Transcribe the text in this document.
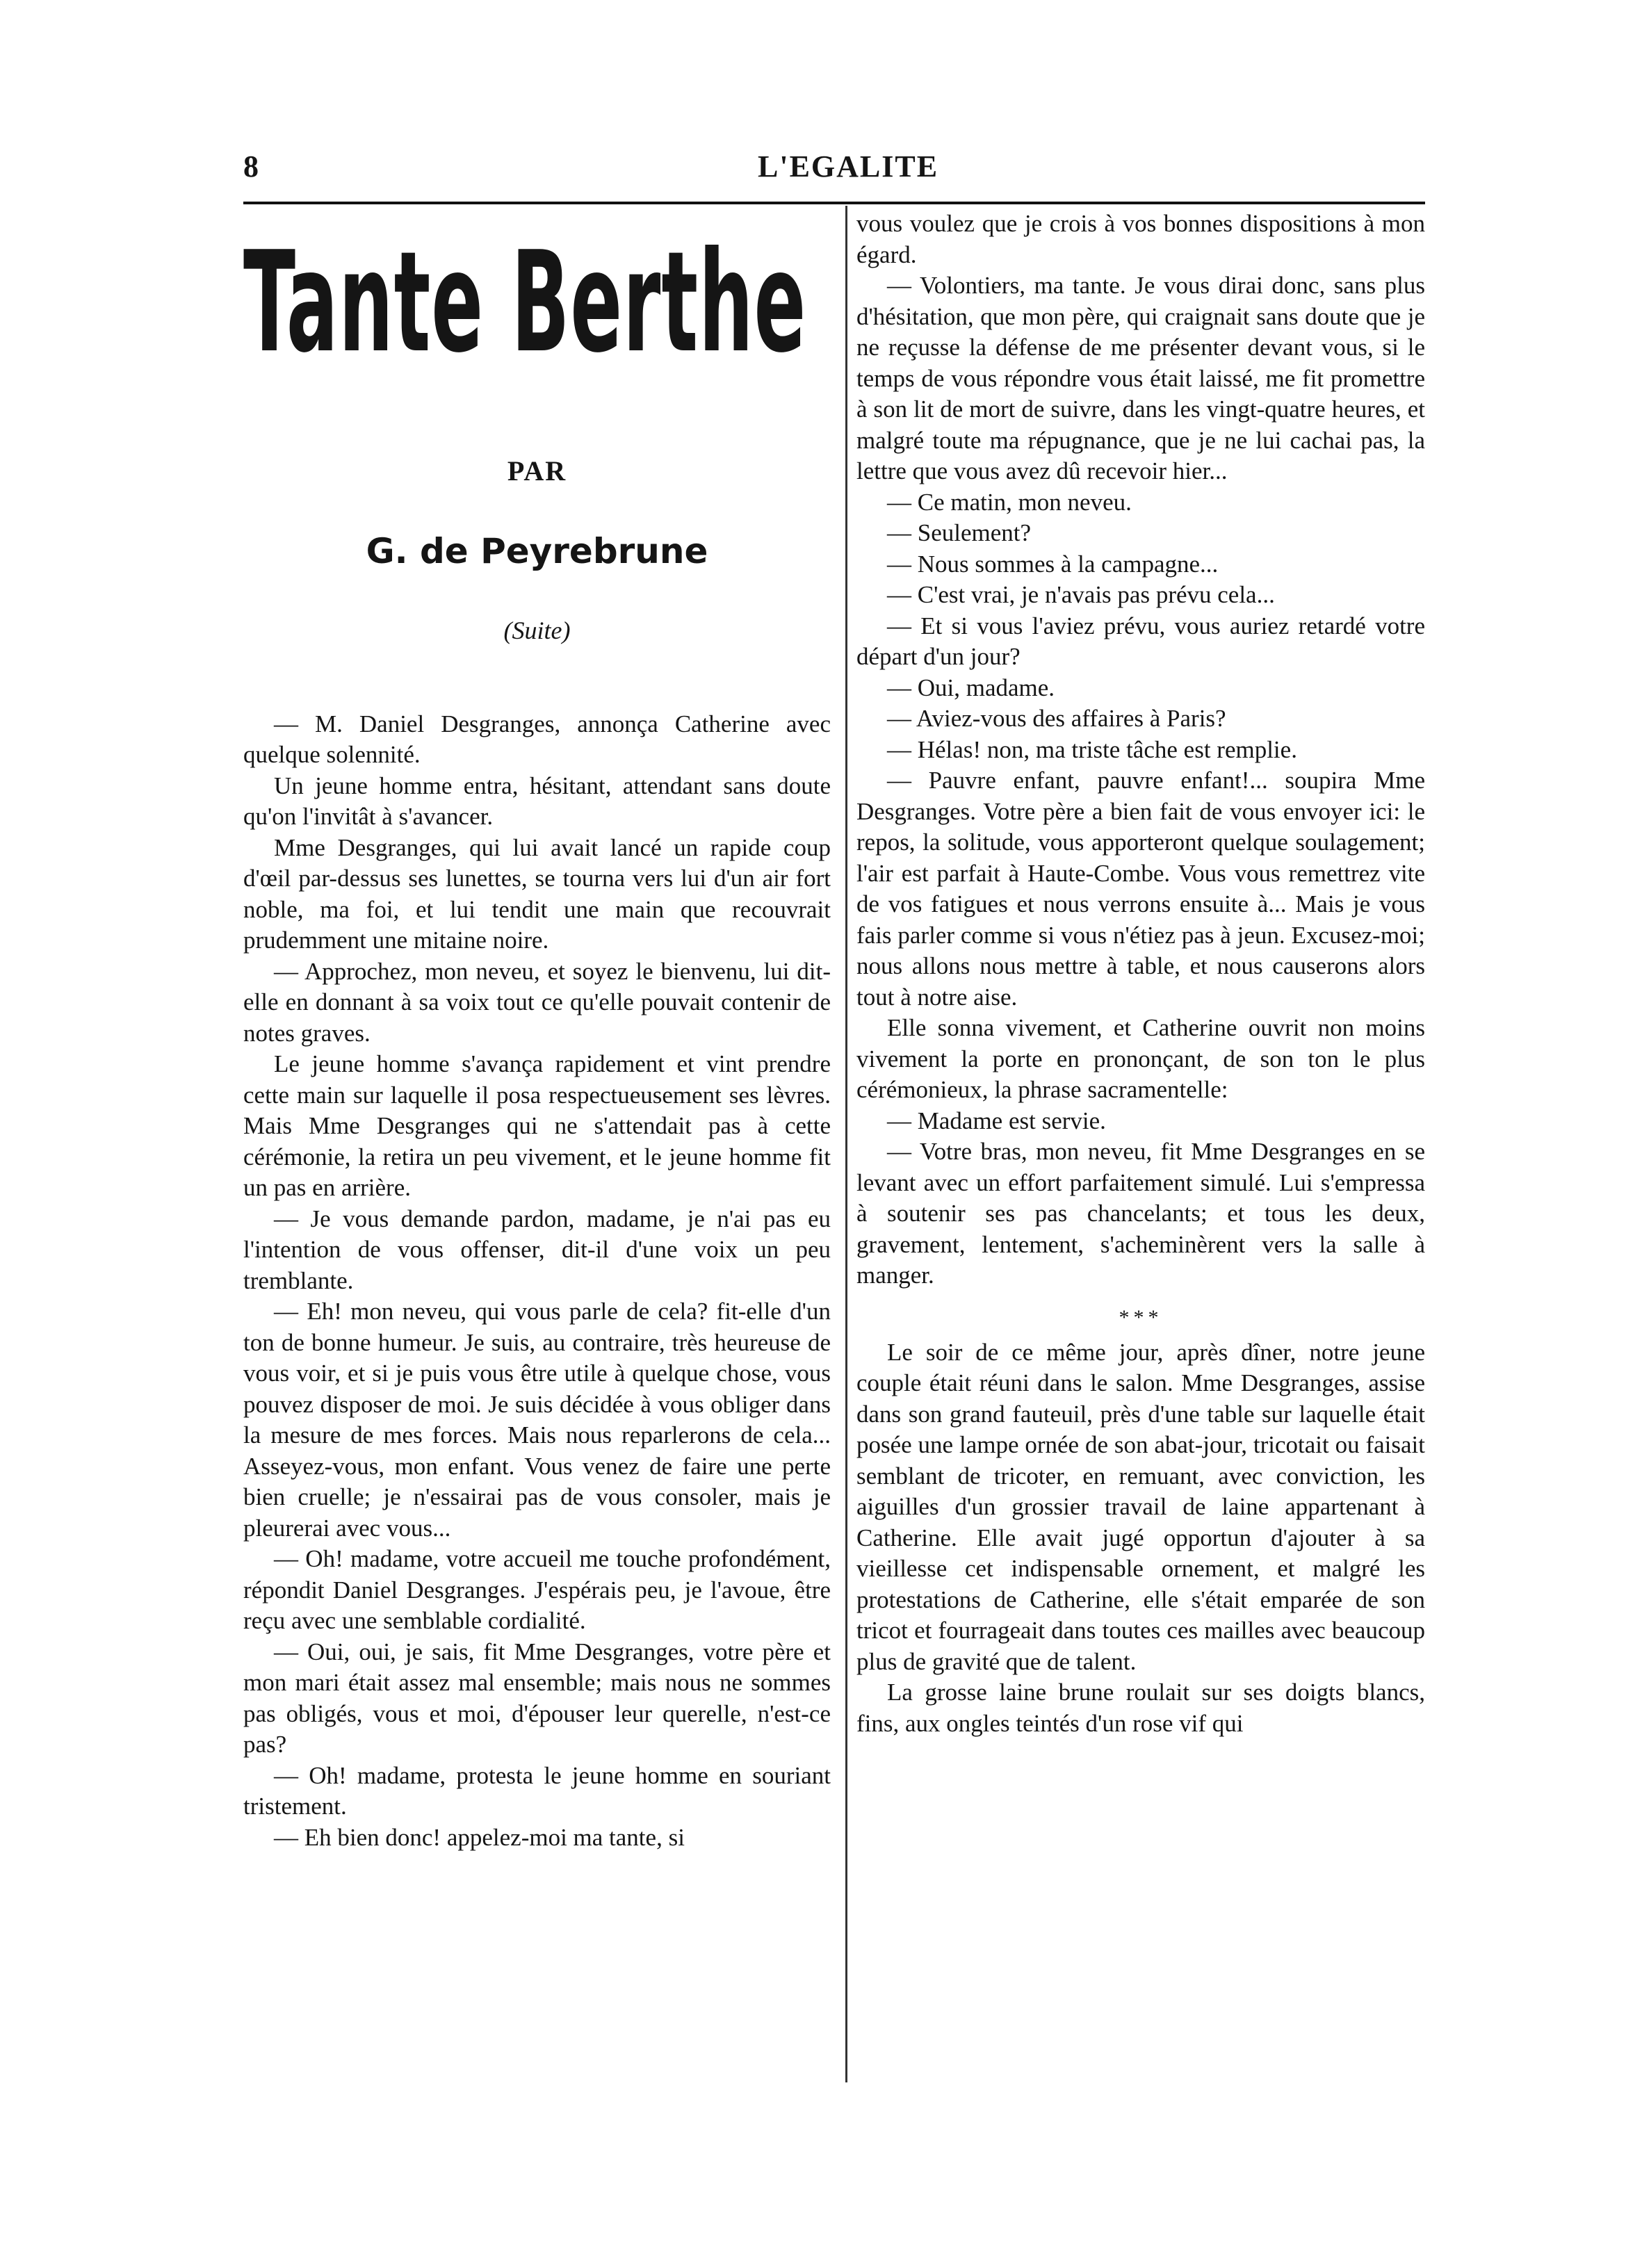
8	L'EGALITE
Tante Berthe
PAR
G. de Peyrebrune
(Suite)

— M. Daniel Desgranges, annonça Catherine avec quelque solennité.

Un jeune homme entra, hésitant, attendant sans doute qu'on l'invitât à s'avancer.

Mme Desgranges, qui lui avait lancé un rapide coup d'œil par-dessus ses lunettes, se tourna vers lui d'un air fort noble, ma foi, et lui tendit une main que recouvrait prudemment une mitaine noire.

— Approchez, mon neveu, et soyez le bienvenu, lui dit-elle en donnant à sa voix tout ce qu'elle pouvait contenir de notes graves.

Le jeune homme s'avança rapidement et vint prendre cette main sur laquelle il posa respectueusement ses lèvres. Mais Mme Desgranges qui ne s'attendait pas à cette cérémonie, la retira un peu vivement, et le jeune homme fit un pas en arrière.

— Je vous demande pardon, madame, je n'ai pas eu l'intention de vous offenser, dit-il d'une voix un peu tremblante.

— Eh! mon neveu, qui vous parle de cela? fit-elle d'un ton de bonne humeur. Je suis, au contraire, très heureuse de vous voir, et si je puis vous être utile à quelque chose, vous pouvez disposer de moi. Je suis décidée à vous obliger dans la mesure de mes forces. Mais nous reparlerons de cela... Asseyez-vous, mon enfant. Vous venez de faire une perte bien cruelle; je n'essairai pas de vous consoler, mais je pleurerai avec vous...

— Oh! madame, votre accueil me touche profondément, répondit Daniel Desgranges. J'espérais peu, je l'avoue, être reçu avec une semblable cordialité.

— Oui, oui, je sais, fit Mme Desgranges, votre père et mon mari était assez mal ensemble; mais nous ne sommes pas obligés, vous et moi, d'épouser leur querelle, n'est-ce pas?

— Oh! madame, protesta le jeune homme en souriant tristement.

— Eh bien donc! appelez-moi ma tante, si

vous voulez que je crois à vos bonnes dispositions à mon égard.

— Volontiers, ma tante. Je vous dirai donc, sans plus d'hésitation, que mon père, qui craignait sans doute que je ne reçusse la défense de me présenter devant vous, si le temps de vous répondre vous était laissé, me fit promettre à son lit de mort de suivre, dans les vingt-quatre heures, et malgré toute ma répugnance, que je ne lui cachai pas, la lettre que vous avez dû recevoir hier...

— Ce matin, mon neveu.

— Seulement?

— Nous sommes à la campagne...

— C'est vrai, je n'avais pas prévu cela...

— Et si vous l'aviez prévu, vous auriez retardé votre départ d'un jour?

— Oui, madame.

— Aviez-vous des affaires à Paris?

— Hélas! non, ma triste tâche est remplie.

— Pauvre enfant, pauvre enfant!... soupira Mme Desgranges. Votre père a bien fait de vous envoyer ici: le repos, la solitude, vous apporteront quelque soulagement; l'air est parfait à Haute-Combe. Vous vous remettrez vite de vos fatigues et nous verrons ensuite à... Mais je vous fais parler comme si vous n'étiez pas à jeun. Excusez-moi; nous allons nous mettre à table, et nous causerons alors tout à notre aise.

Elle sonna vivement, et Catherine ouvrit non moins vivement la porte en prononçant, de son ton le plus cérémonieux, la phrase sacramentelle:

— Madame est servie.

— Votre bras, mon neveu, fit Mme Desgranges en se levant avec un effort parfaitement simulé. Lui s'empressa à soutenir ses pas chancelants; et tous les deux, gravement, lentement, s'acheminèrent vers la salle à manger.

***

Le soir de ce même jour, après dîner, notre jeune couple était réuni dans le salon. Mme Desgranges, assise dans son grand fauteuil, près d'une table sur laquelle était posée une lampe ornée de son abat-jour, tricotait ou faisait semblant de tricoter, en remuant, avec conviction, les aiguilles d'un grossier travail de laine appartenant à Catherine. Elle avait jugé opportun d'ajouter à sa vieillesse cet indispensable ornement, et malgré les protestations de Catherine, elle s'était emparée de son tricot et fourrageait dans toutes ces mailles avec beaucoup plus de gravité que de talent.

La grosse laine brune roulait sur ses doigts blancs, fins, aux ongles teintés d'un rose vif qui
